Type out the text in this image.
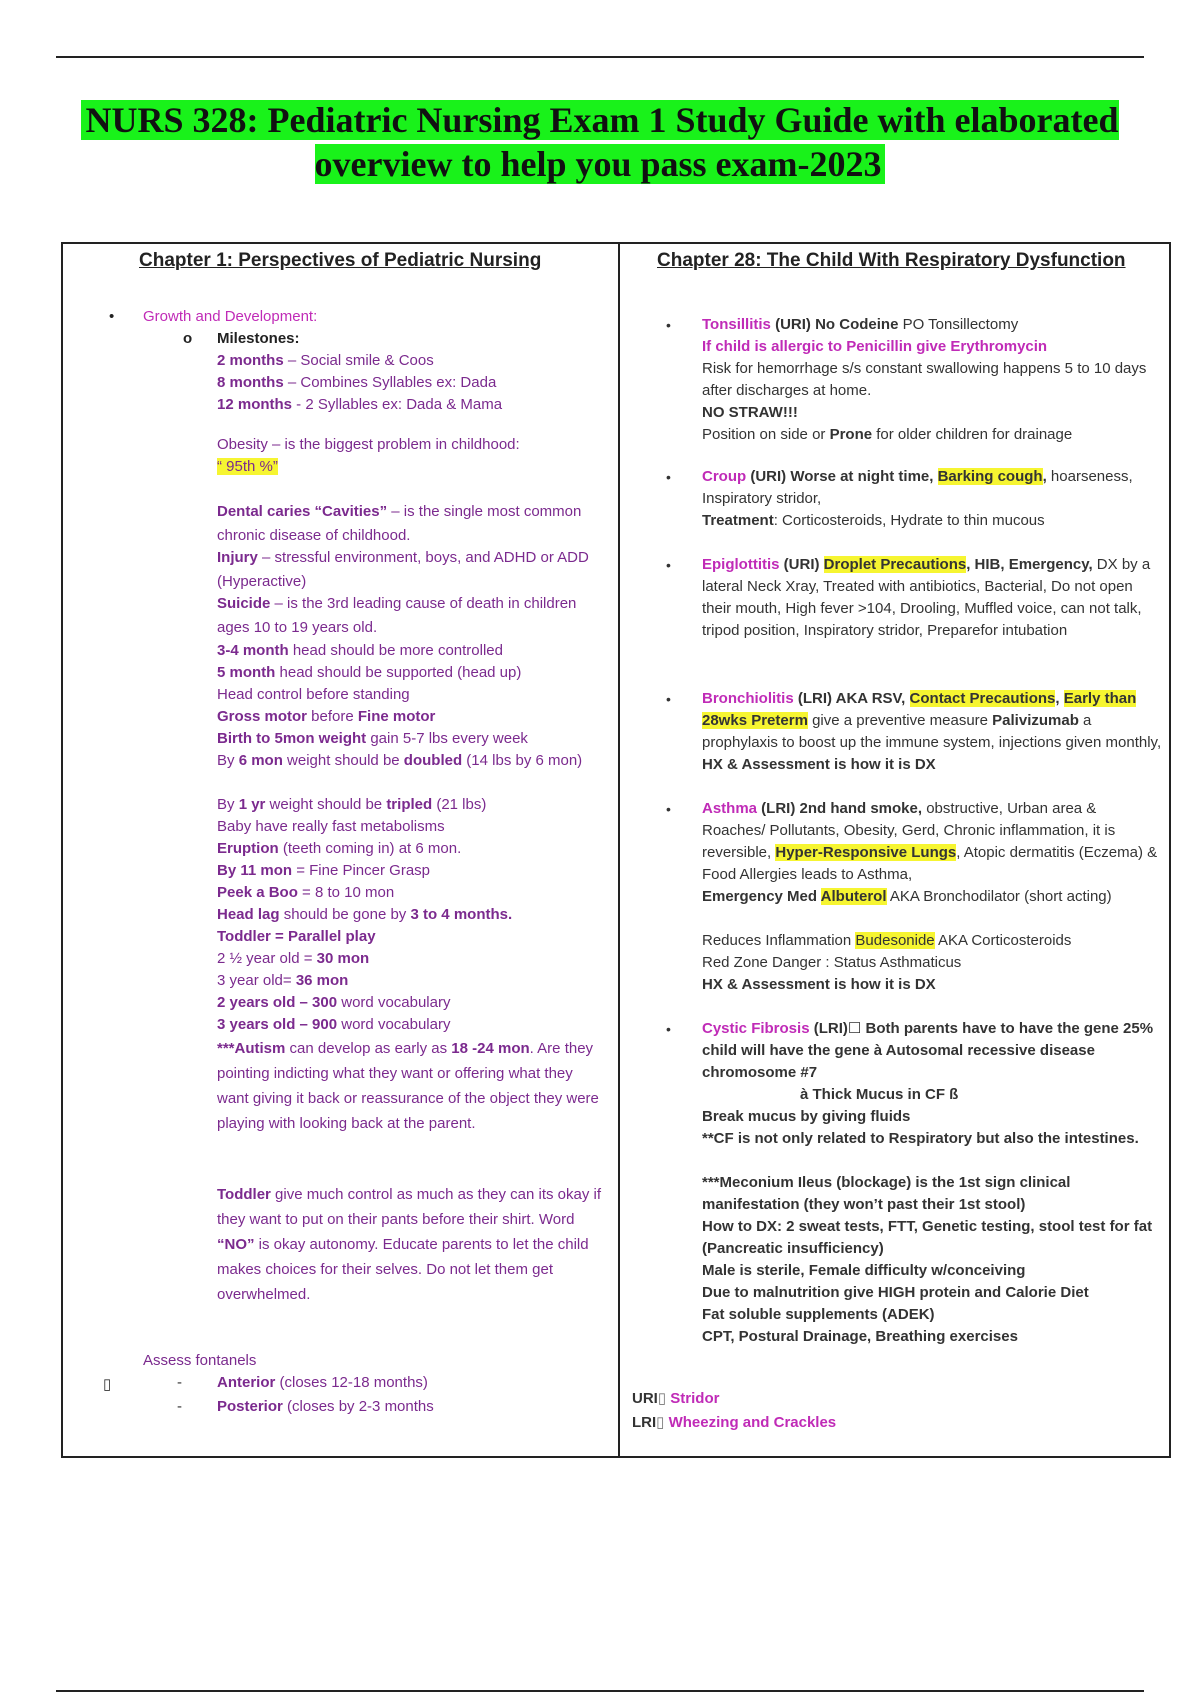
NURS 328: Pediatric Nursing Exam 1 Study Guide with elaborated overview to help you pass exam-2023
Chapter 1: Perspectives of Pediatric Nursing	Chapter 28: The Child With Respiratory Dysfunction
• Growth and Development:
o Milestones:
2 months – Social smile & Coos
8 months – Combines Syllables ex: Dada
12 months - 2 Syllables ex: Dada & Mama
Obesity – is the biggest problem in childhood:
“ 95th %”
Dental caries “Cavities” – is the single most common chronic disease of childhood.
Injury – stressful environment, boys, and ADHD or ADD (Hyperactive)
Suicide – is the 3rd leading cause of death in children ages 10 to 19 years old.
3-4 month head should be more controlled
5 month head should be supported (head up)
Head control before standing
Gross motor before Fine motor
Birth to 5mon weight gain 5-7 lbs every week
By 6 mon weight should be doubled (14 lbs by 6 mon)
By 1 yr weight should be tripled (21 lbs)
Baby have really fast metabolisms
Eruption (teeth coming in) at 6 mon.
By 11 mon = Fine Pincer Grasp
Peek a Boo = 8 to 10 mon
Head lag should be gone by 3 to 4 months.
Toddler = Parallel play
2 ½ year old = 30 mon
3 year old= 36 mon
2 years old – 300 word vocabulary
3 years old – 900 word vocabulary
***Autism can develop as early as 18 -24 mon. Are they pointing indicting what they want or offering what they want giving it back or reassurance of the object they were playing with looking back at the parent.
Toddler give much control as much as they can its okay if they want to put on their pants before their shirt. Word “NO” is okay autonomy. Educate parents to let the child makes choices for their selves. Do not let them get overwhelmed.
Assess fontanels
▯	- Anterior (closes 12-18 months)
- Posterior (closes by 2-3 months
• Tonsillitis (URI) No Codeine PO Tonsillectomy
If child is allergic to Penicillin give Erythromycin
Risk for hemorrhage s/s constant swallowing happens 5 to 10 days after discharges at home.
NO STRAW!!!
Position on side or Prone for older children for drainage
• Croup (URI) Worse at night time, Barking cough, hoarseness, Inspiratory stridor,
Treatment: Corticosteroids, Hydrate to thin mucous
• Epiglottitis (URI) Droplet Precautions, HIB, Emergency, DX by a lateral Neck Xray, Treated with antibiotics, Bacterial, Do not open their mouth, High fever >104, Drooling, Muffled voice, can not talk, tripod position, Inspiratory stridor, Preparefor intubation
• Bronchiolitis (LRI) AKA RSV, Contact Precautions, Early than 28wks Preterm give a preventive measure Palivizumab a prophylaxis to boost up the immune system, injections given monthly, HX & Assessment is how it is DX
• Asthma (LRI) 2nd hand smoke, obstructive, Urban area & Roaches/ Pollutants, Obesity, Gerd, Chronic inflammation, it is reversible, Hyper-Responsive Lungs, Atopic dermatitis (Eczema) & Food Allergies leads to Asthma,
Emergency Med Albuterol AKA Bronchodilator (short acting)
Reduces Inflammation Budesonide AKA Corticosteroids
Red Zone Danger : Status Asthmaticus
HX & Assessment is how it is DX
• Cystic Fibrosis (LRI)☐ Both parents have to have the gene 25% child will have the gene à Autosomal recessive disease chromosome #7
à Thick Mucus in CF ß
Break mucus by giving fluids
**CF is not only related to Respiratory but also the intestines.
***Meconium Ileus (blockage) is the 1st sign clinical manifestation (they won’t past their 1st stool)
How to DX: 2 sweat tests, FTT, Genetic testing, stool test for fat (Pancreatic insufficiency)
Male is sterile, Female difficulty w/conceiving
Due to malnutrition give HIGH protein and Calorie Diet
Fat soluble supplements (ADEK)
CPT, Postural Drainage, Breathing exercises
URI▯ Stridor
LRI▯ Wheezing and Crackles
